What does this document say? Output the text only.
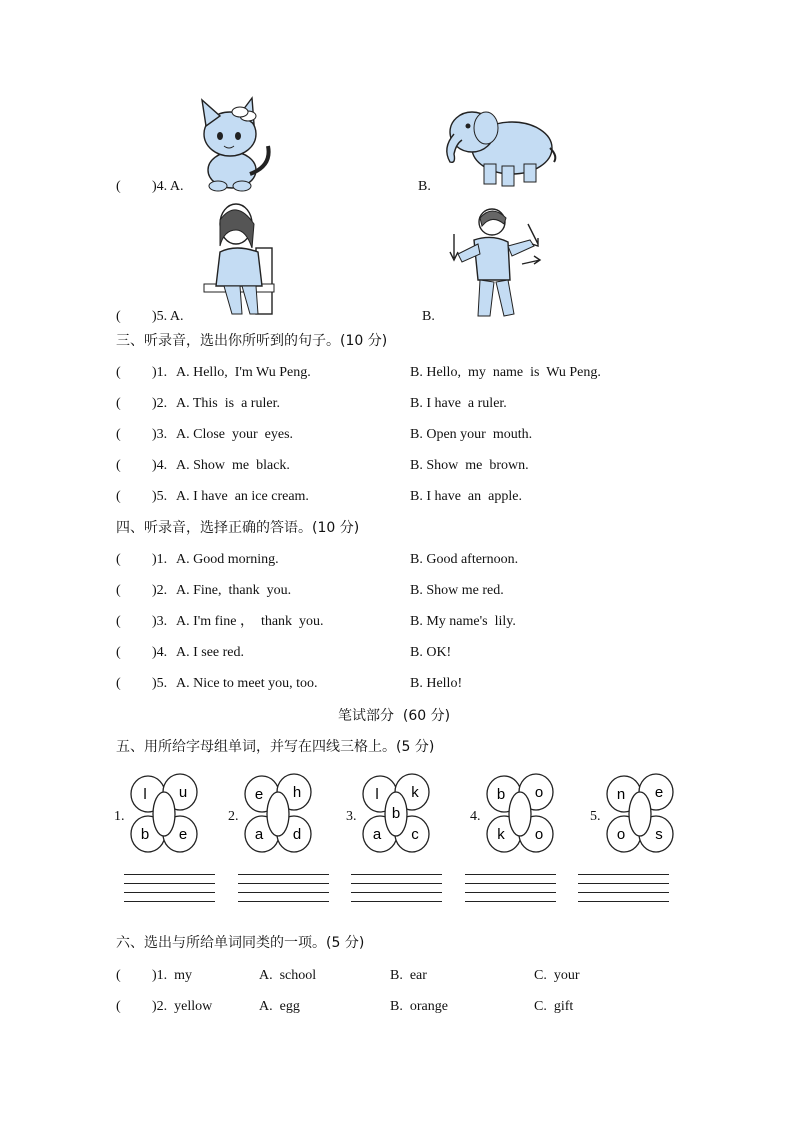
( )4. A.	B.
( )5. A.	B.
三、听录音，选出你所听到的句子。(10 分)
( )1. A. Hello,  I'm Wu Peng.	B. Hello,  my  name  is  Wu Peng.
( )2. A. This  is  a ruler.	B. I have  a ruler.
( )3. A. Close  your  eyes.	B. Open your  mouth.
( )4. A. Show  me  black.	B. Show  me  brown.
( )5. A. I have  an ice cream.	B. I have  an  apple.
四、听录音，选择正确的答语。(10 分)
( )1. A. Good morning.	B. Good afternoon.
( )2. A. Fine,  thank  you.	B. Show me red.
( )3. A. I'm fine ，  thank  you.	B. My name's  lily.
( )4. A. I see red.	B. OK!
( )5. A. Nice to meet you, too.	B. Hello!
笔试部分  (60 分)
五、用所给字母组单词，并写在四线三格上。(5 分)
1.
l u
b e
2.
e h
a d
3.
l k
a c
b	4.
b o
k o
5.
n e
o s
六、选出与所给单词同类的一项。(5 分)
( )1.  my	A.  school	B.  ear	C.  your
( )2.  yellow	A.  egg	B.  orange	C.  gift
